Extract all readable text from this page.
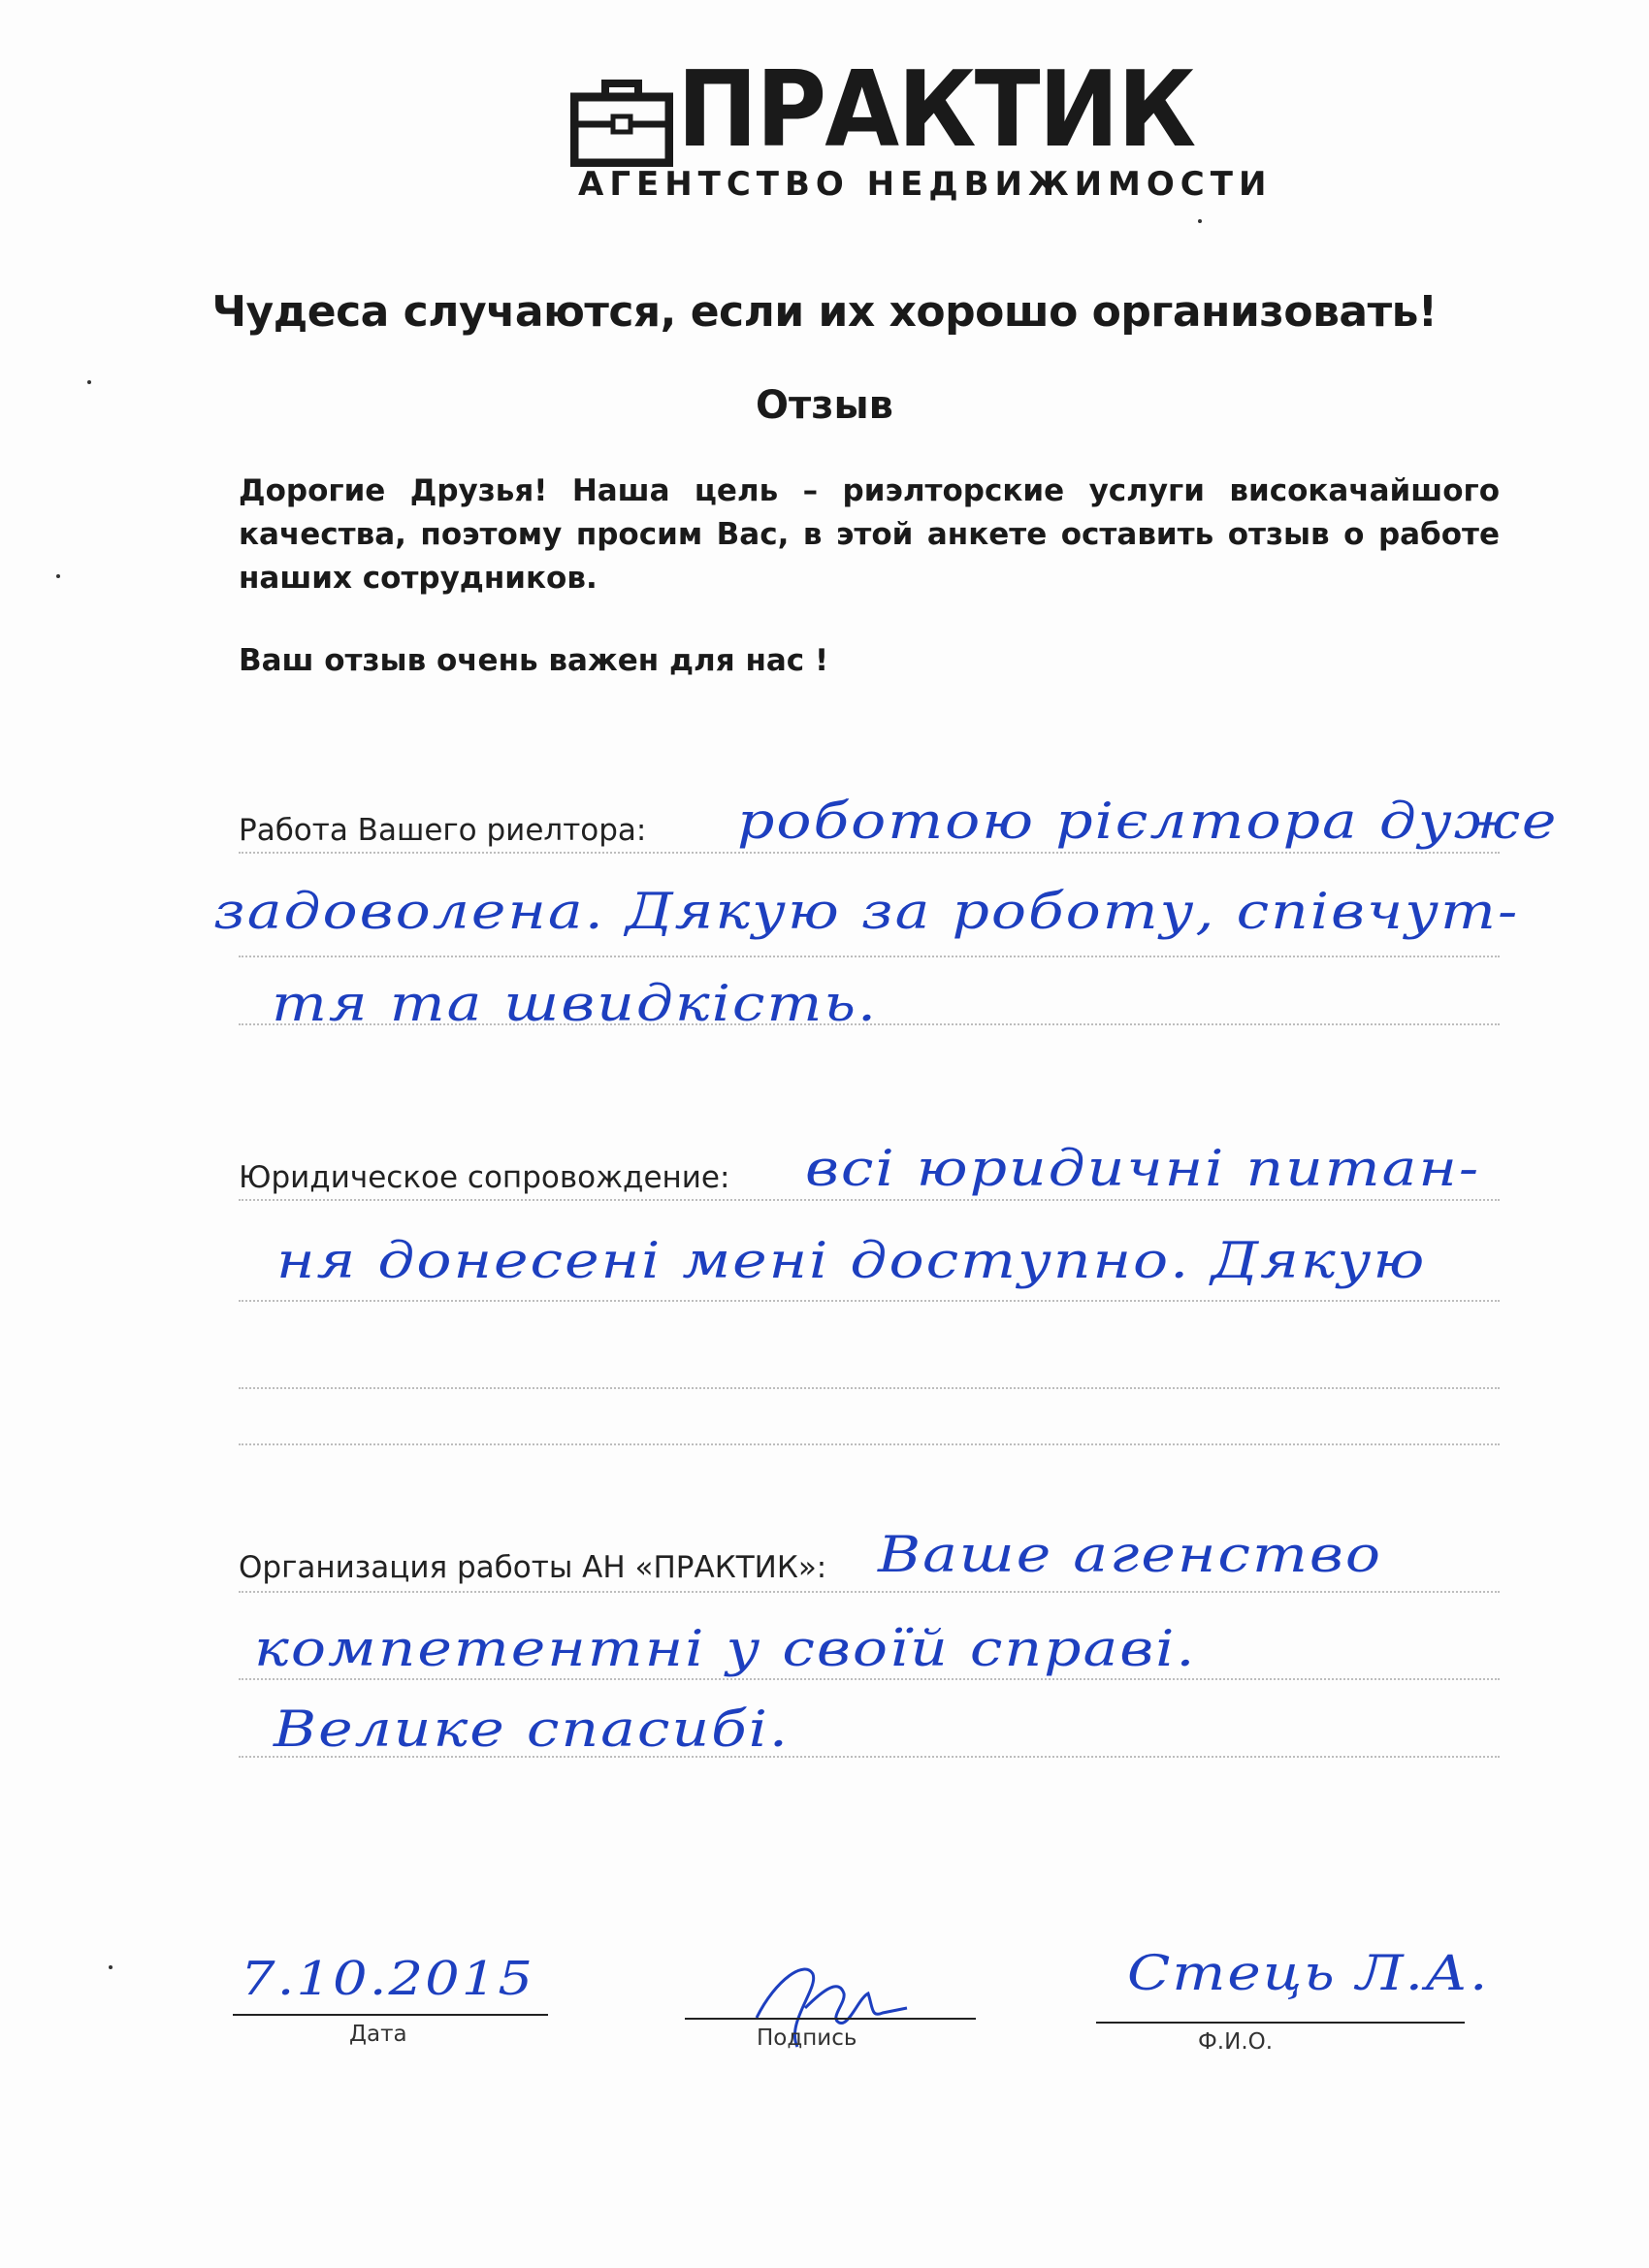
ПРАКТИК
АГЕНТСТВО НЕДВИЖИМОСТИ
Чудеса случаются, если их хорошо организовать!
Отзыв
Дорогие Друзья! Наша цель – риэлторские услуги високачайшого качества, поэтому просим Вас, в этой анкете оставить отзыв о работе наших сотрудников.
Ваш отзыв очень важен для нас !
Работа Вашего риелтора: роботою рієлтора дуже
задоволена. Дякую за роботу, співчут-
тя та швидкість.
Юридическое сопровождение: всі юридичні питан-
ня донесені мені доступно. Дякую
Организация работы АН «ПРАКТИК»: Ваше агенство
компетентні у своїй справі.
Велике спасибі.
7.10.2015
Дата	Подпись
Стець Л.А.
Ф.И.О.
